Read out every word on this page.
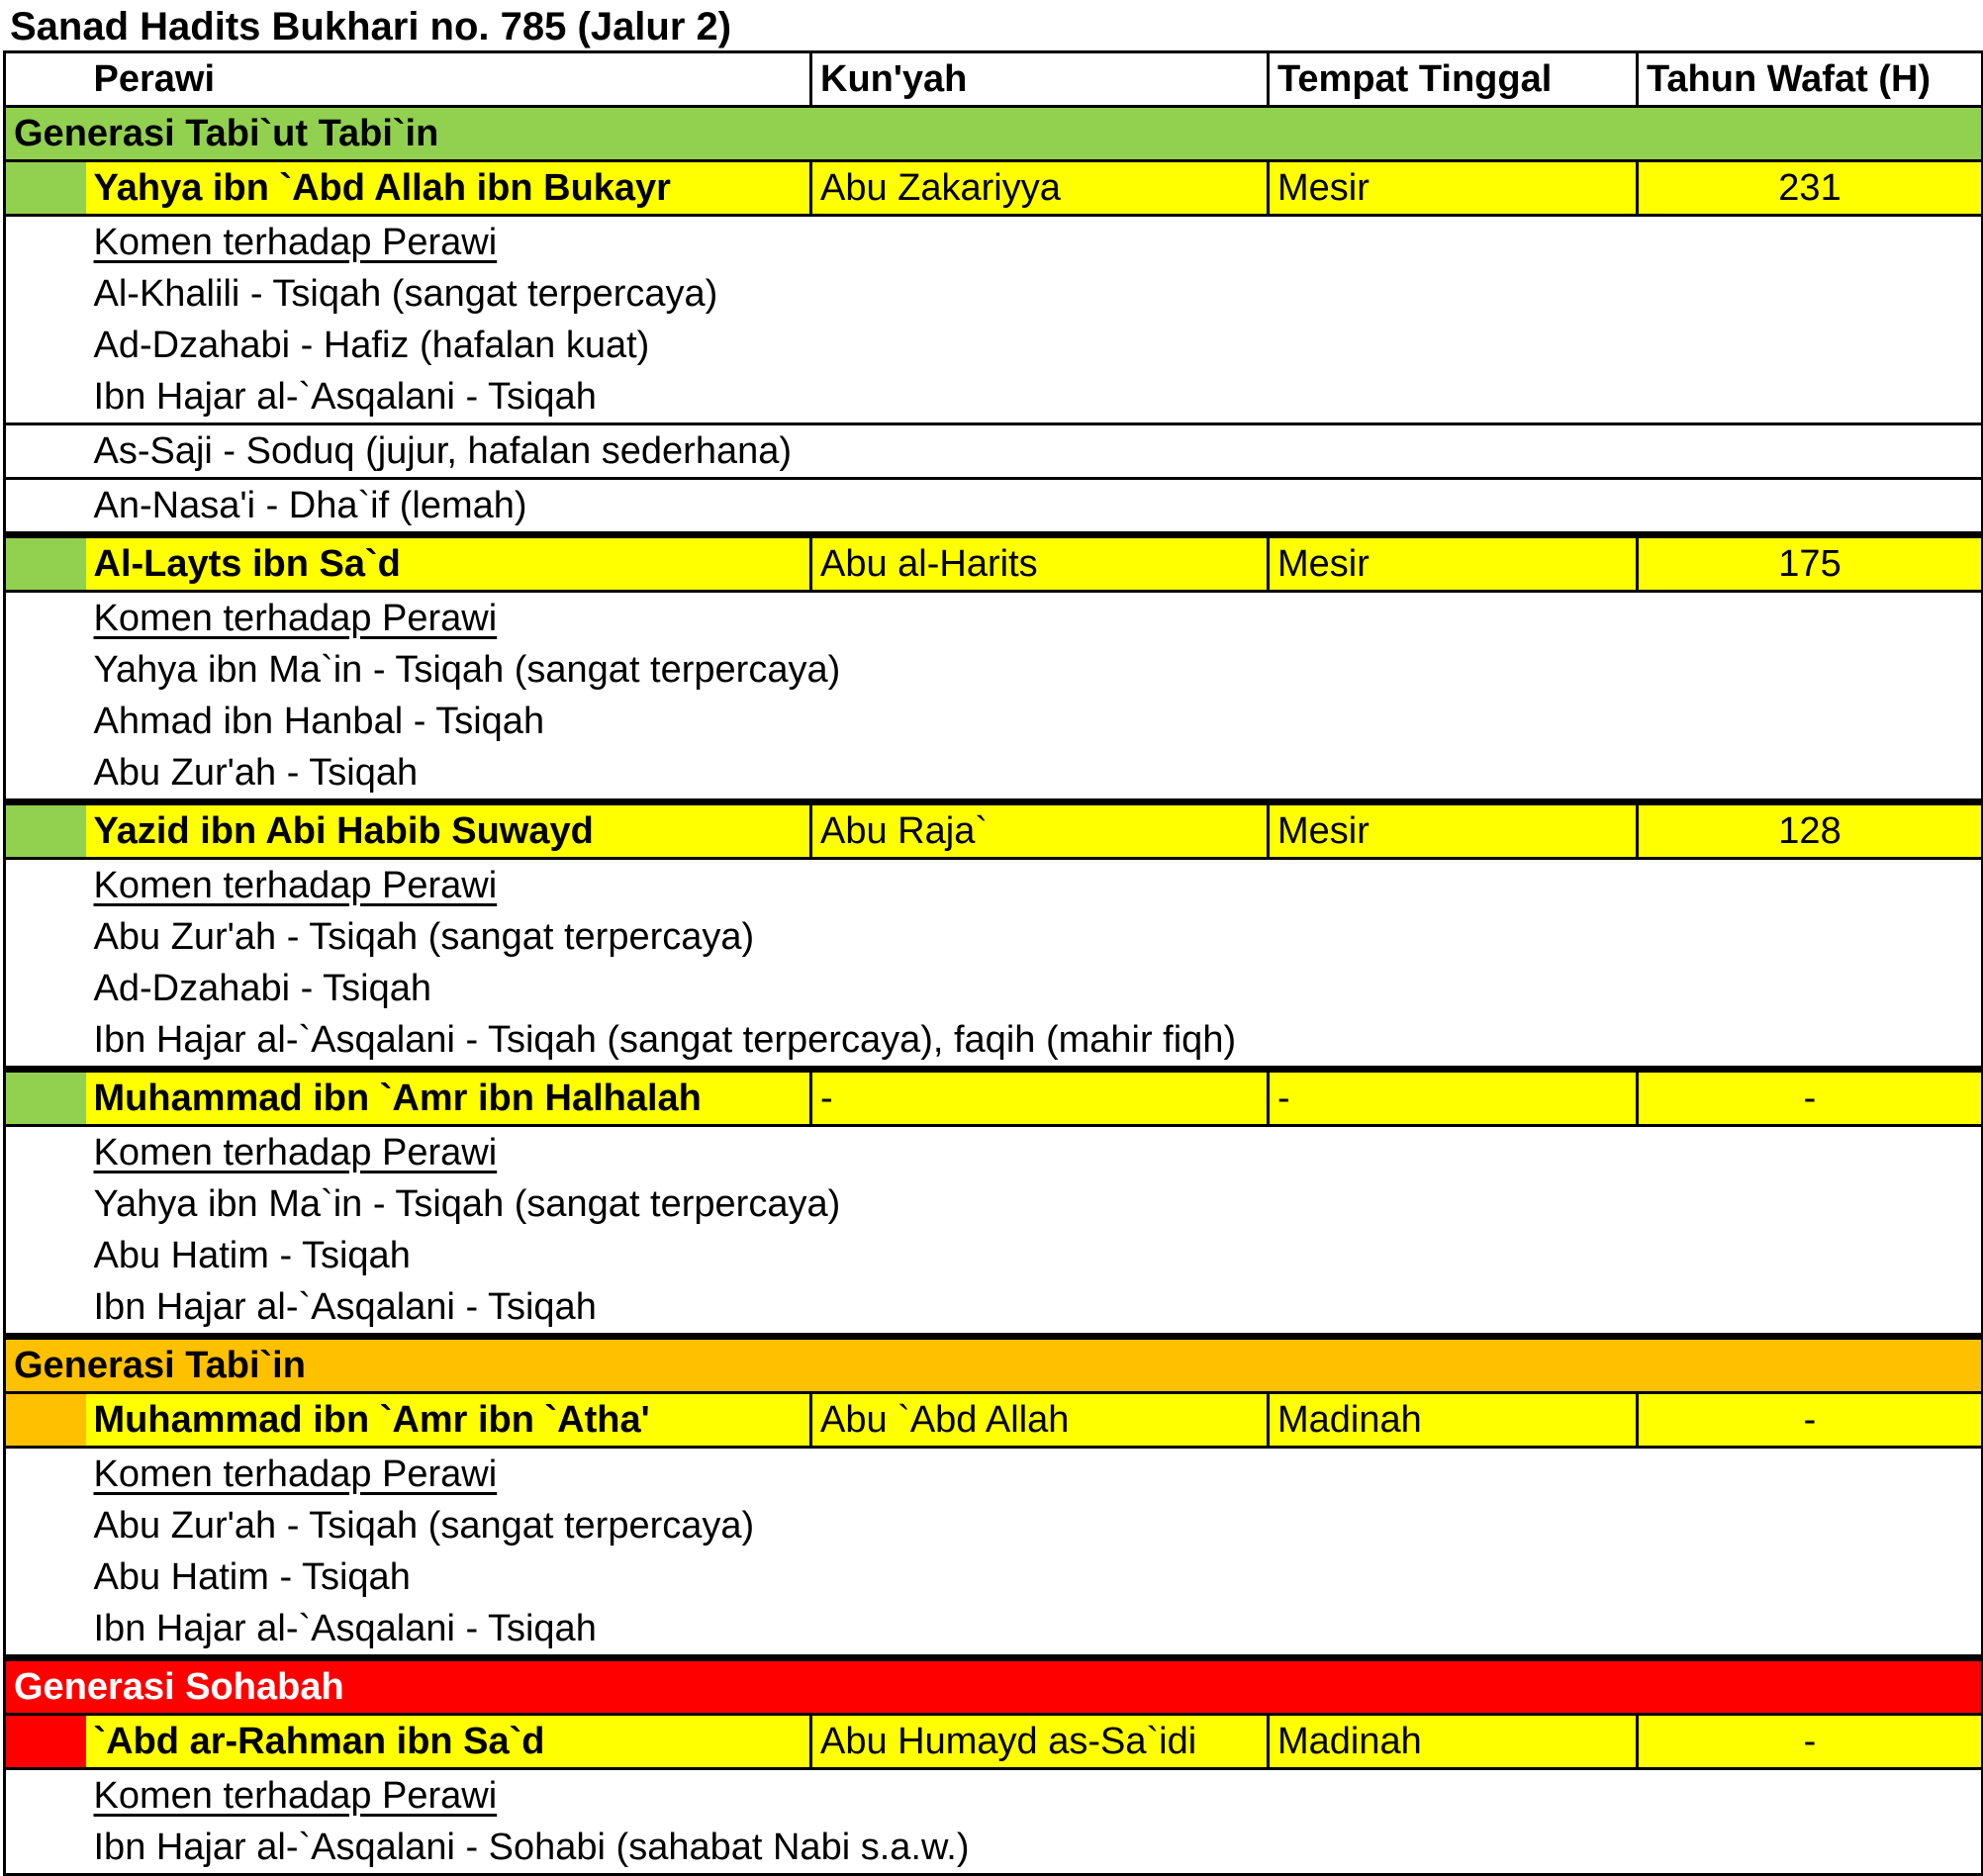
Sanad Hadits Bukhari no. 785 (Jalur 2)
	Perawi	Kun'yah	Tempat Tinggal	Tahun Wafat (H)
Generasi Tabi`ut Tabi`in				
	Yahya ibn `Abd Allah ibn Bukayr	Abu Zakariyya	Mesir	231
	Komen terhadap Perawi			
	Al-Khalili - Tsiqah (sangat terpercaya)			
	Ad-Dzahabi - Hafiz (hafalan kuat)			
	Ibn Hajar al-`Asqalani - Tsiqah			
	As-Saji - Soduq (jujur, hafalan sederhana)			
	An-Nasa'i - Dha`if (lemah)			
	Al-Layts ibn Sa`d	Abu al-Harits	Mesir	175
	Komen terhadap Perawi			
	Yahya ibn Ma`in - Tsiqah (sangat terpercaya)			
	Ahmad ibn Hanbal - Tsiqah			
	Abu Zur'ah - Tsiqah			
	Yazid ibn Abi Habib Suwayd	Abu Raja`	Mesir	128
	Komen terhadap Perawi			
	Abu Zur'ah - Tsiqah (sangat terpercaya)			
	Ad-Dzahabi - Tsiqah			
	Ibn Hajar al-`Asqalani - Tsiqah (sangat terpercaya), faqih (mahir fiqh)			
	Muhammad ibn `Amr ibn Halhalah	-	-	-
	Komen terhadap Perawi			
	Yahya ibn Ma`in - Tsiqah (sangat terpercaya)			
	Abu Hatim - Tsiqah			
	Ibn Hajar al-`Asqalani - Tsiqah			
Generasi Tabi`in				
	Muhammad ibn `Amr ibn `Atha'	Abu `Abd Allah	Madinah	-
	Komen terhadap Perawi			
	Abu Zur'ah - Tsiqah (sangat terpercaya)			
	Abu Hatim - Tsiqah			
	Ibn Hajar al-`Asqalani - Tsiqah			
Generasi Sohabah				
	`Abd ar-Rahman ibn Sa`d	Abu Humayd as-Sa`idi	Madinah	-
	Komen terhadap Perawi			
	Ibn Hajar al-`Asqalani - Sohabi (sahabat Nabi s.a.w.)			
